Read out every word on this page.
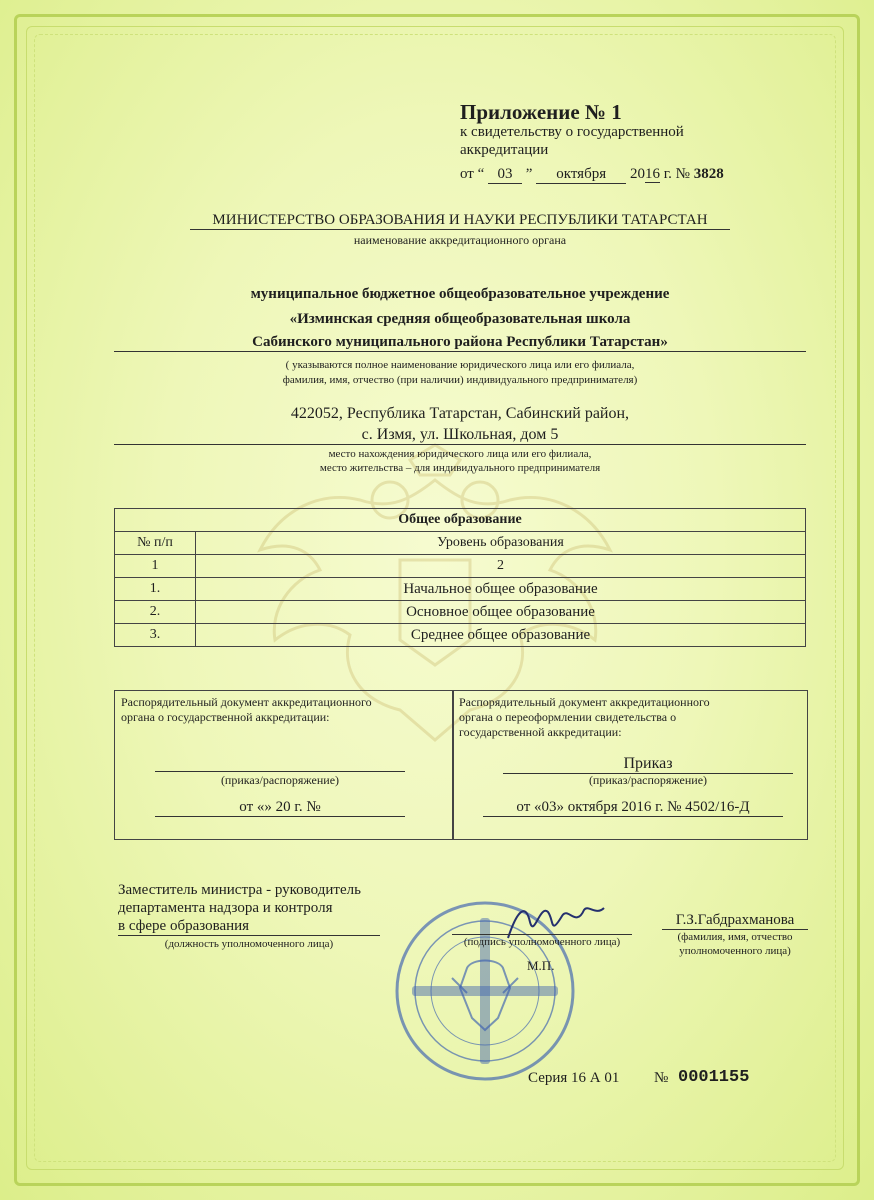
Приложение № 1
к свидетельству о государственной
аккредитации
от “ 03 ” октября 2016 г. № 3828
МИНИСТЕРСТВО ОБРАЗОВАНИЯ И НАУКИ РЕСПУБЛИКИ ТАТАРСТАН
наименование аккредитационного органа
муниципальное бюджетное общеобразовательное учреждение
«Изминская средняя общеобразовательная школа
Сабинского муниципального района Республики Татарстан»
( указываются полное наименование юридического лица или его филиала,
фамилия, имя, отчество (при наличии) индивидуального предпринимателя)
422052, Республика Татарстан, Сабинский район,
с. Измя, ул. Школьная, дом 5
место нахождения юридического лица или его филиала,
место жительства – для индивидуального предпринимателя
Общее образование	
№ п/п	Уровень образования
1	2
1.	Начальное общее образование
2.	Основное общее образование
3.	Среднее общее образование
Распорядительный документ аккредитационного
органа о государственной аккредитации:
(приказ/распоряжение)
от «» 20 г. №
Распорядительный документ аккредитационного
органа о переоформлении свидетельства о
государственной аккредитации:
Приказ
(приказ/распоряжение)
от «03» октября 2016 г. № 4502/16-Д
Заместитель министра - руководитель
департамента надзора и контроля
в сфере образования
(должность уполномоченного лица)	(подпись уполномоченного лица)
М.П.
Г.З.Габдрахманова
(фамилия, имя, отчество
уполномоченного лица)
Серия 16 А 01 № 0001155
